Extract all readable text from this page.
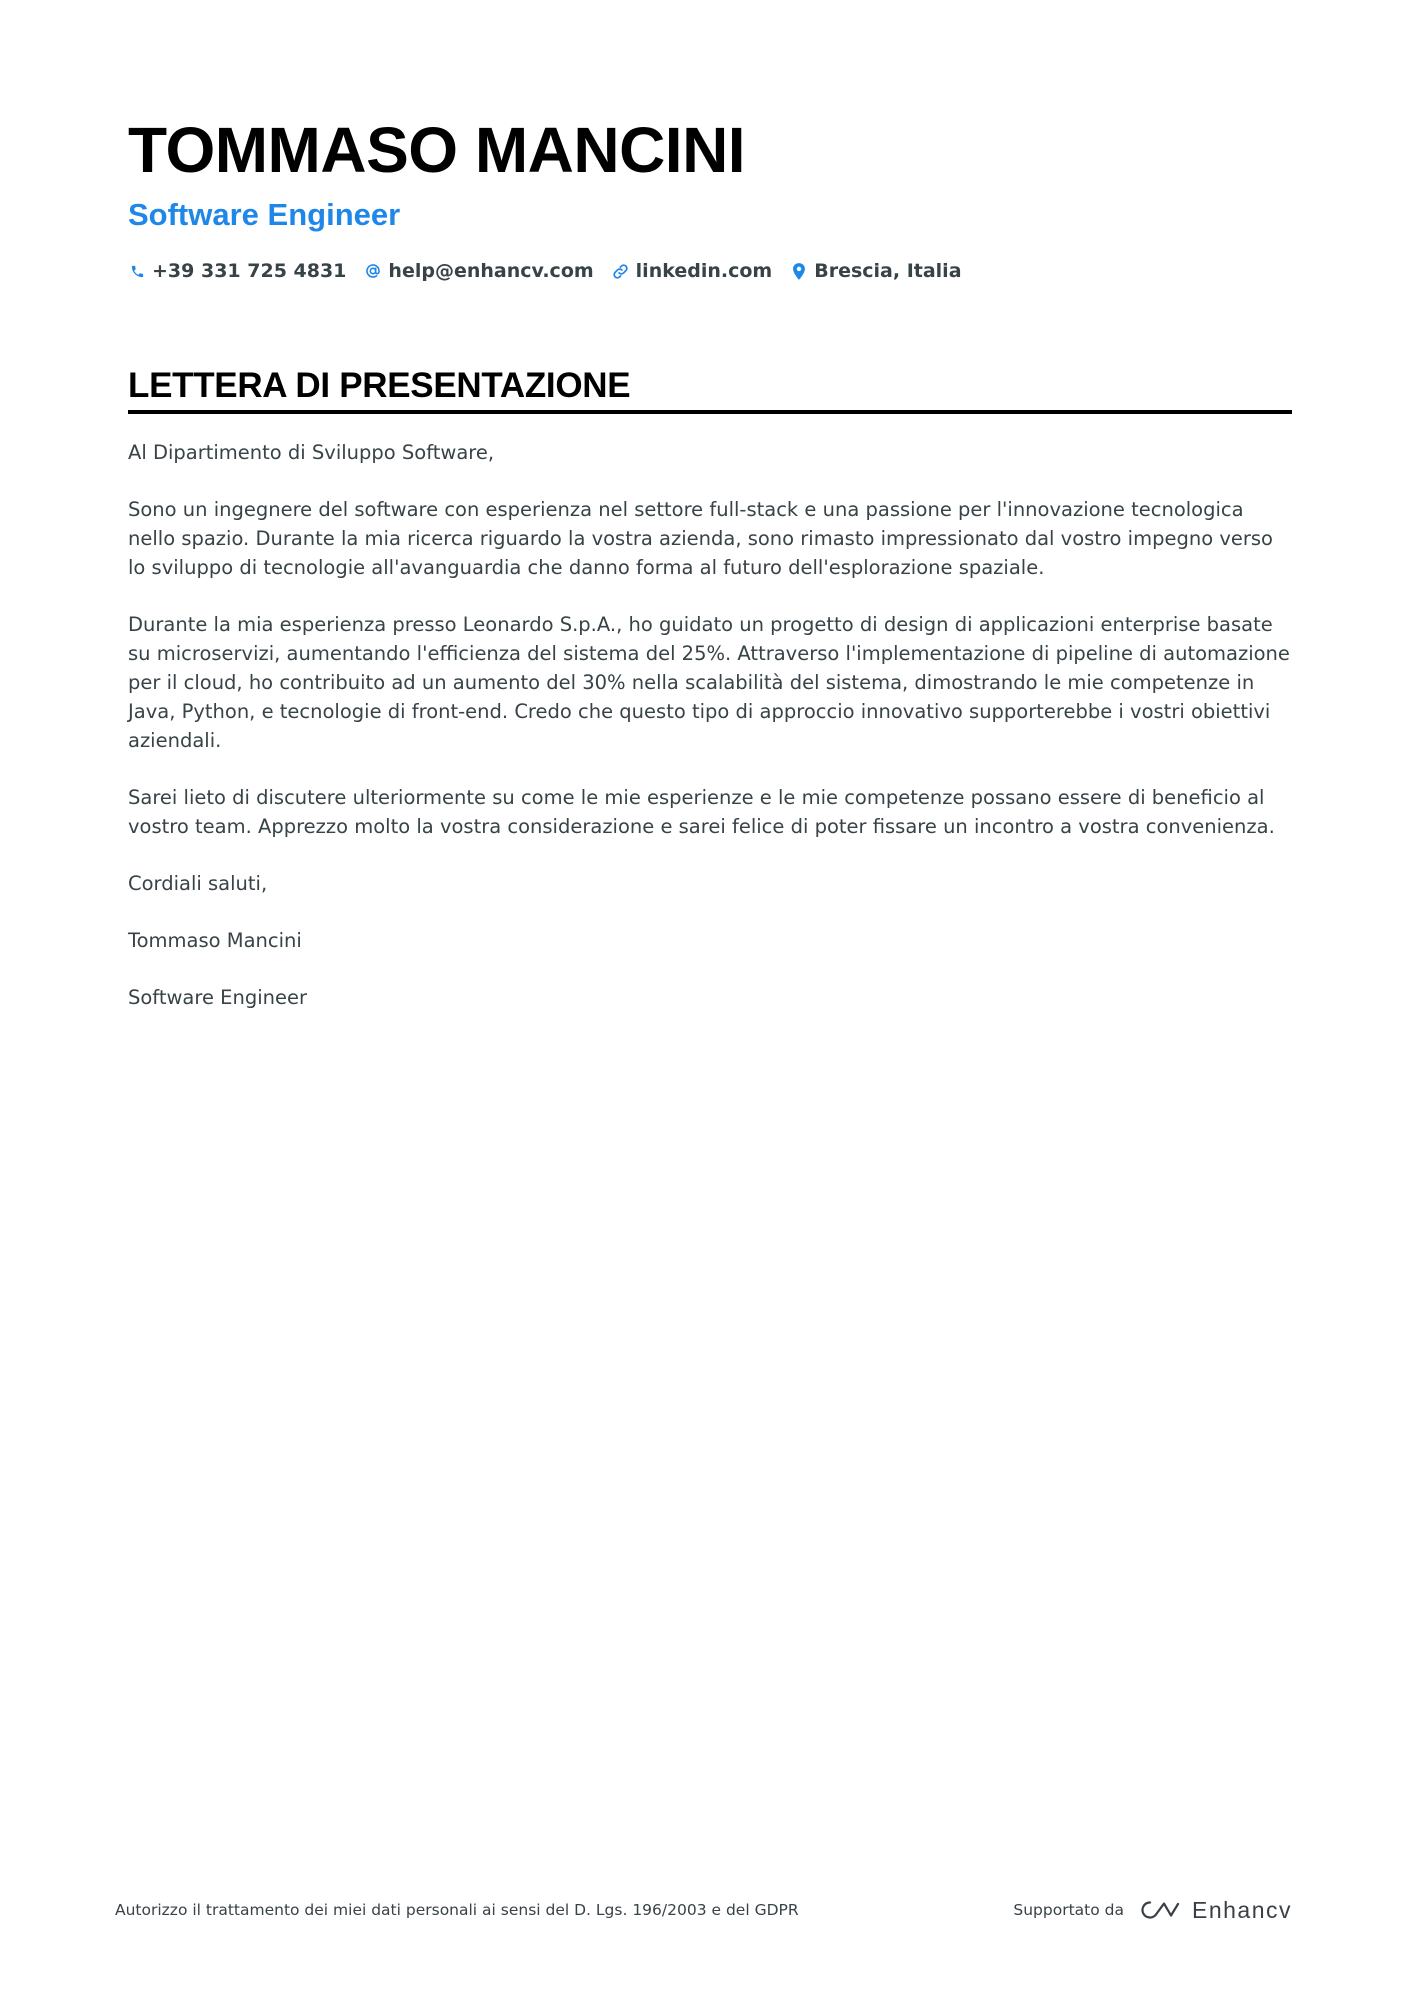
TOMMASO MANCINI
Software Engineer
+39 331 725 4831 help@enhancv.com linkedin.com Brescia, Italia
LETTERA DI PRESENTAZIONE

Al Dipartimento di Sviluppo Software,

Sono un ingegnere del software con esperienza nel settore full-stack e una passione per l'innovazione tecnologica nello spazio. Durante la mia ricerca riguardo la vostra azienda, sono rimasto impressionato dal vostro impegno verso lo sviluppo di tecnologie all'avanguardia che danno forma al futuro dell'esplorazione spaziale.

Durante la mia esperienza presso Leonardo S.p.A., ho guidato un progetto di design di applicazioni enterprise basate su microservizi, aumentando l'efficienza del sistema del 25%. Attraverso l'implementazione di pipeline di automazione per il cloud, ho contribuito ad un aumento del 30% nella scalabilità del sistema, dimostrando le mie competenze in Java, Python, e tecnologie di front-end. Credo che questo tipo di approccio innovativo supporterebbe i vostri obiettivi aziendali.

Sarei lieto di discutere ulteriormente su come le mie esperienze e le mie competenze possano essere di beneficio al vostro team. Apprezzo molto la vostra considerazione e sarei felice di poter fissare un incontro a vostra convenienza.

Cordiali saluti,

Tommaso Mancini

Software Engineer

Autorizzo il trattamento dei miei dati personali ai sensi del D. Lgs. 196/2003 e del GDPR	Supportato da	Enhancv
